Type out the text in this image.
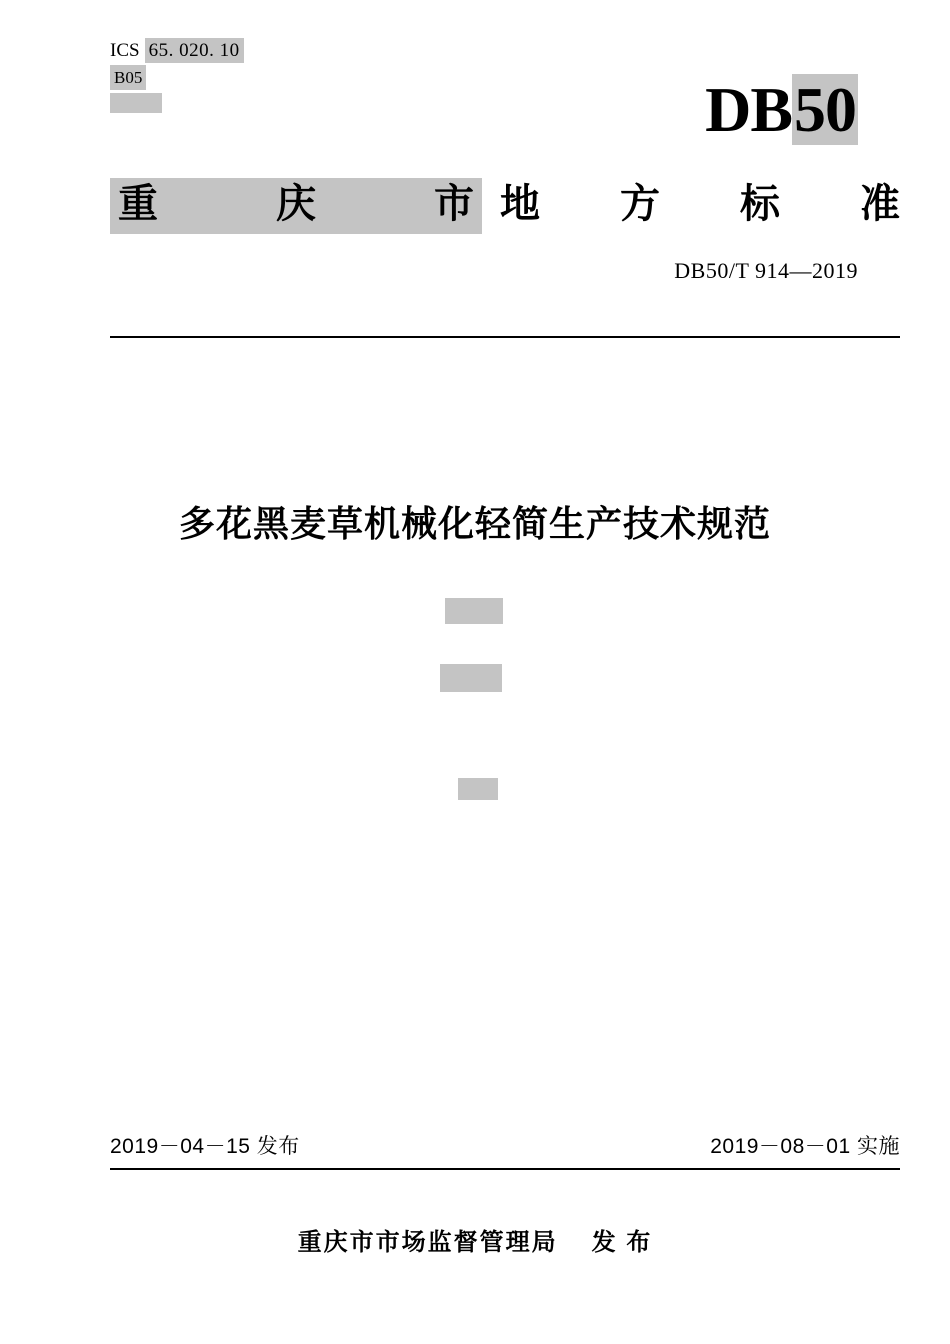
ICS 65. 020. 10
B05	DB50
重	庆	市 地 方 标 准
DB50/T 914—2019
多花黑麦草机械化轻简生产技术规范
2019－04－15 发布	2019－08－01 实施
重庆市市场监督管理局 发 布
